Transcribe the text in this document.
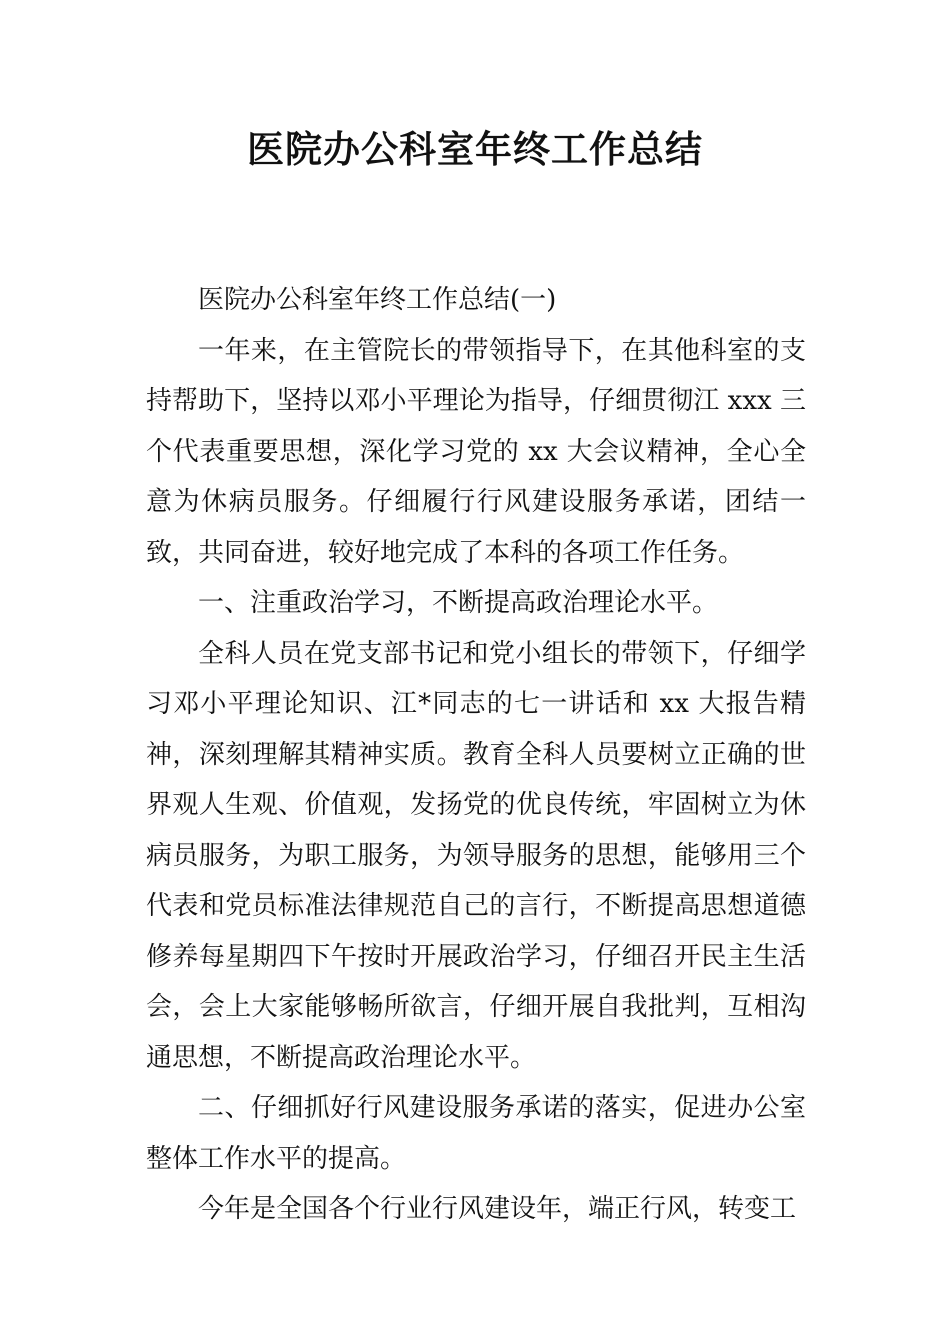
医院办公科室年终工作总结

医院办公科室年终工作总结(一)

一年来，在主管院长的带领指导下，在其他科室的支持帮助下，坚持以邓小平理论为指导，仔细贯彻江 xxx 三个代表重要思想，深化学习党的 xx 大会议精神，全心全意为休病员服务。仔细履行行风建设服务承诺，团结一致，共同奋进，较好地完成了本科的各项工作任务。

一、注重政治学习，不断提高政治理论水平。

全科人员在党支部书记和党小组长的带领下，仔细学习邓小平理论知识、江*同志的七一讲话和 xx 大报告精神，深刻理解其精神实质。教育全科人员要树立正确的世界观人生观、价值观，发扬党的优良传统，牢固树立为休病员服务，为职工服务，为领导服务的思想，能够用三个代表和党员标准法律规范自己的言行，不断提高思想道德修养每星期四下午按时开展政治学习，仔细召开民主生活会，会上大家能够畅所欲言，仔细开展自我批判，互相沟通思想，不断提高政治理论水平。

二、仔细抓好行风建设服务承诺的落实，促进办公室整体工作水平的提高。

今年是全国各个行业行风建设年，端正行风，转变工
